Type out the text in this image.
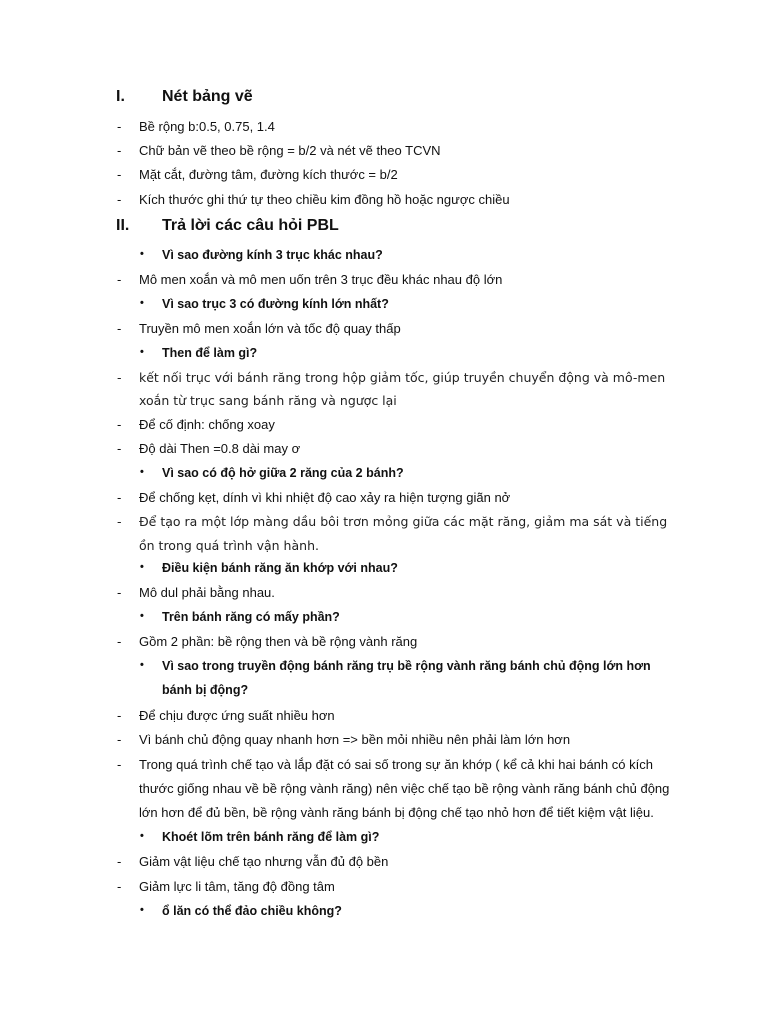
I. Nét bảng vẽ
- Bề rộng b:0.5, 0.75, 1.4
- Chữ bản vẽ theo bề rộng = b/2 và nét vẽ theo TCVN
- Mặt cắt, đường tâm, đường kích thước = b/2
- Kích thước ghi thứ tự theo chiều kim đồng hồ hoặc ngược chiều
II. Trả lời các câu hỏi PBL
• Vì sao đường kính 3 trục khác nhau?
- Mô men xoắn và mô men uốn trên 3 trục đều khác nhau độ lớn
• Vì sao trục 3 có đường kính lớn nhất?
- Truyền mô men xoắn lớn và tốc độ quay thấp
• Then để làm gì?
- kết nối trục với bánh răng trong hộp giảm tốc, giúp truyền chuyển động và mô-men
xoắn từ trục sang bánh răng và ngược lại
- Để cố định: chống xoay
- Độ dài Then =0.8 dài may ơ
• Vì sao có độ hở giữa 2 răng của 2 bánh?
- Để chống kẹt, dính vì khi nhiệt độ cao xảy ra hiện tượng giãn nở
- Để tạo ra một lớp màng dầu bôi trơn mỏng giữa các mặt răng, giảm ma sát và tiếng
ồn trong quá trình vận hành.
• Điều kiện bánh răng ăn khớp với nhau?
- Mô dul phải bằng nhau.
• Trên bánh răng có mấy phần?
- Gồm 2 phần: bề rộng then và bề rộng vành răng
• Vì sao trong truyền động bánh răng trụ bề rộng vành răng bánh chủ động lớn hơn
bánh bị động?
- Để chịu được ứng suất nhiều hơn
- Vì bánh chủ động quay nhanh hơn => bền mỏi nhiều nên phải làm lớn hơn
- Trong quá trình chế tạo và lắp đặt có sai số trong sự ăn khớp ( kể cả khi hai bánh có kích
thước giống nhau về bề rộng vành răng) nên việc chế tạo bề rộng vành răng bánh chủ động
lớn hơn để đủ bền, bề rộng vành răng bánh bị động chế tạo nhỏ hơn để tiết kiệm vật liệu.
• Khoét lõm trên bánh răng để làm gì?
- Giảm vật liệu chế tạo nhưng vẫn đủ độ bền
- Giảm lực li tâm, tăng độ đồng tâm
• ổ lăn có thể đảo chiều không?
